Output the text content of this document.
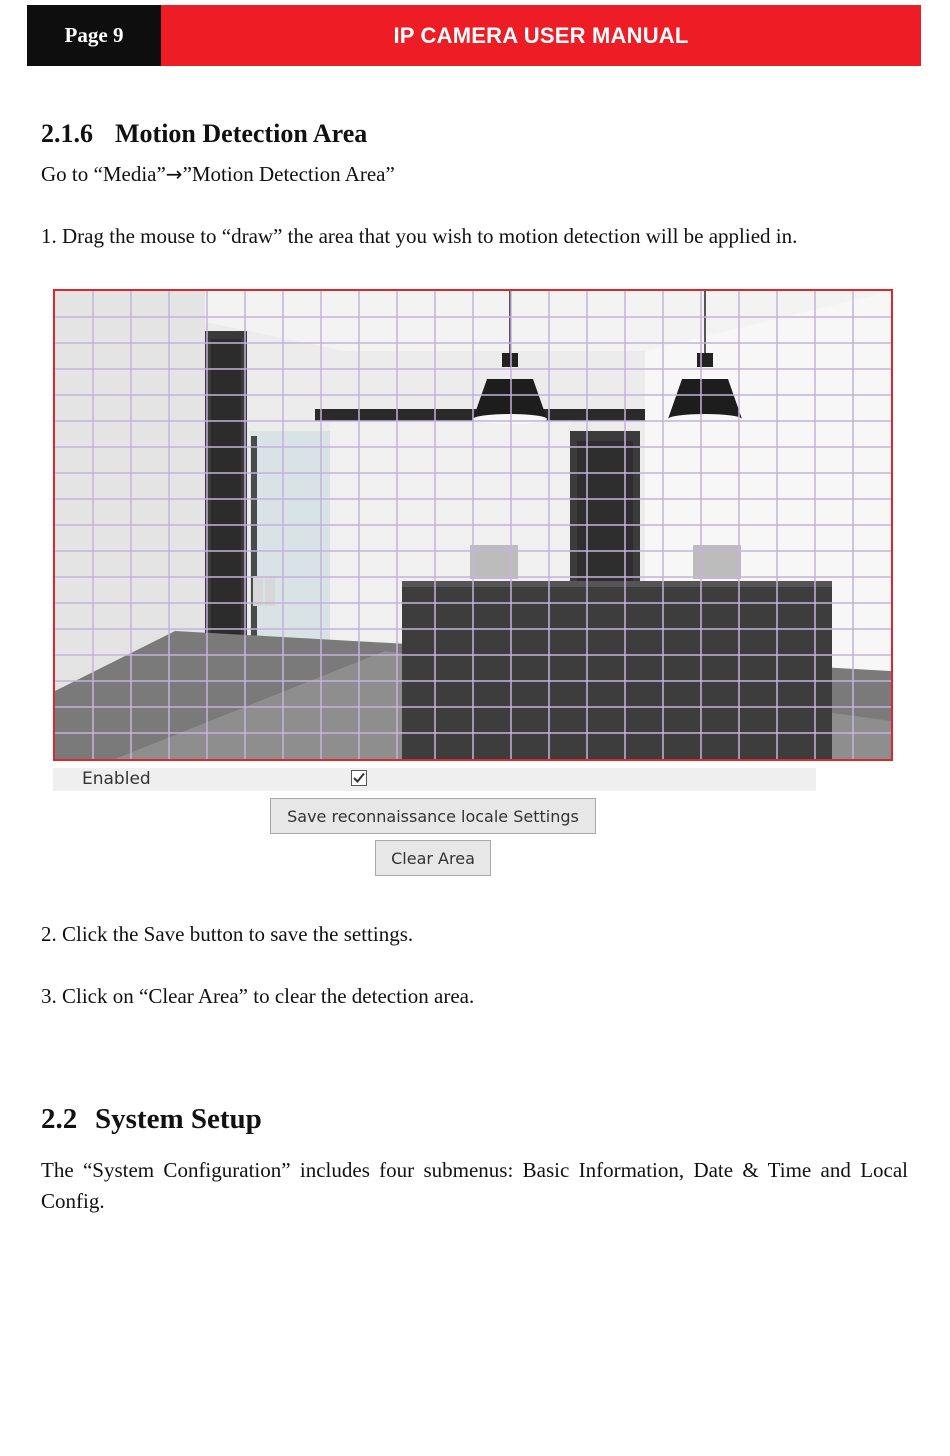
Page 9	IP CAMERA USER MANUAL
2.1.6 Motion Detection Area

Go to “Media”→”Motion Detection Area”

1. Drag the mouse to “draw” the area that you wish to motion detection will be applied in.

Enabled
Save reconnaissance locale Settings
Clear Area

2. Click the Save button to save the settings.

3. Click on “Clear Area” to clear the detection area.

2.2 System Setup

The “System Configuration” includes four submenus: Basic Information, Date & Time and Local Config.
